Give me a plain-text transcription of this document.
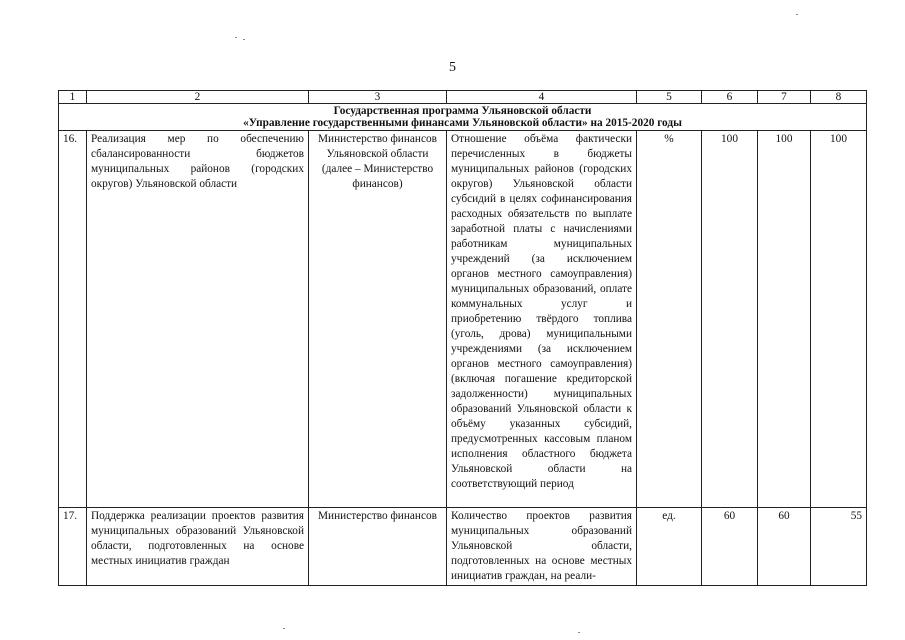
5
1	2	3	4	5	6	7	8

Государственная программа Ульяновской области
«Управление государственными финансами Ульяновской области» на 2015-2020 годы							

16.	Реализация мер по обеспечению сбалансированности бюджетов муниципальных районов (городских округов) Ульяновской области	Министерство финансов Ульяновской области (далее – Министерство финансов)	Отношение объёма фактически перечисленных в бюджеты муниципальных районов (городских округов) Ульяновской области субсидий в целях софинансирования расходных обязательств по выплате заработной платы с начислениями работникам муниципальных учреждений (за исключением органов местного самоуправления) муниципальных образований, оплате коммунальных услуг и приобретению твёрдого топлива (уголь, дрова) муниципальными учреждениями (за исключением органов местного самоуправления) (включая погашение кредиторской задолженности) муниципальных образований Ульяновской области к объёму указанных субсидий, предусмотренных кассовым планом исполнения областного бюджета Ульяновской области на соответствующий период	%	100	100	100
17.	Поддержка реализации проектов развития муниципальных образований Ульяновской области, подготовленных на основе местных инициатив граждан	Министерство финансов	Количество проектов развития муниципальных образований Ульяновской области, подготовленных на основе местных инициатив граждан, на реали-	ед.	60	60	55
